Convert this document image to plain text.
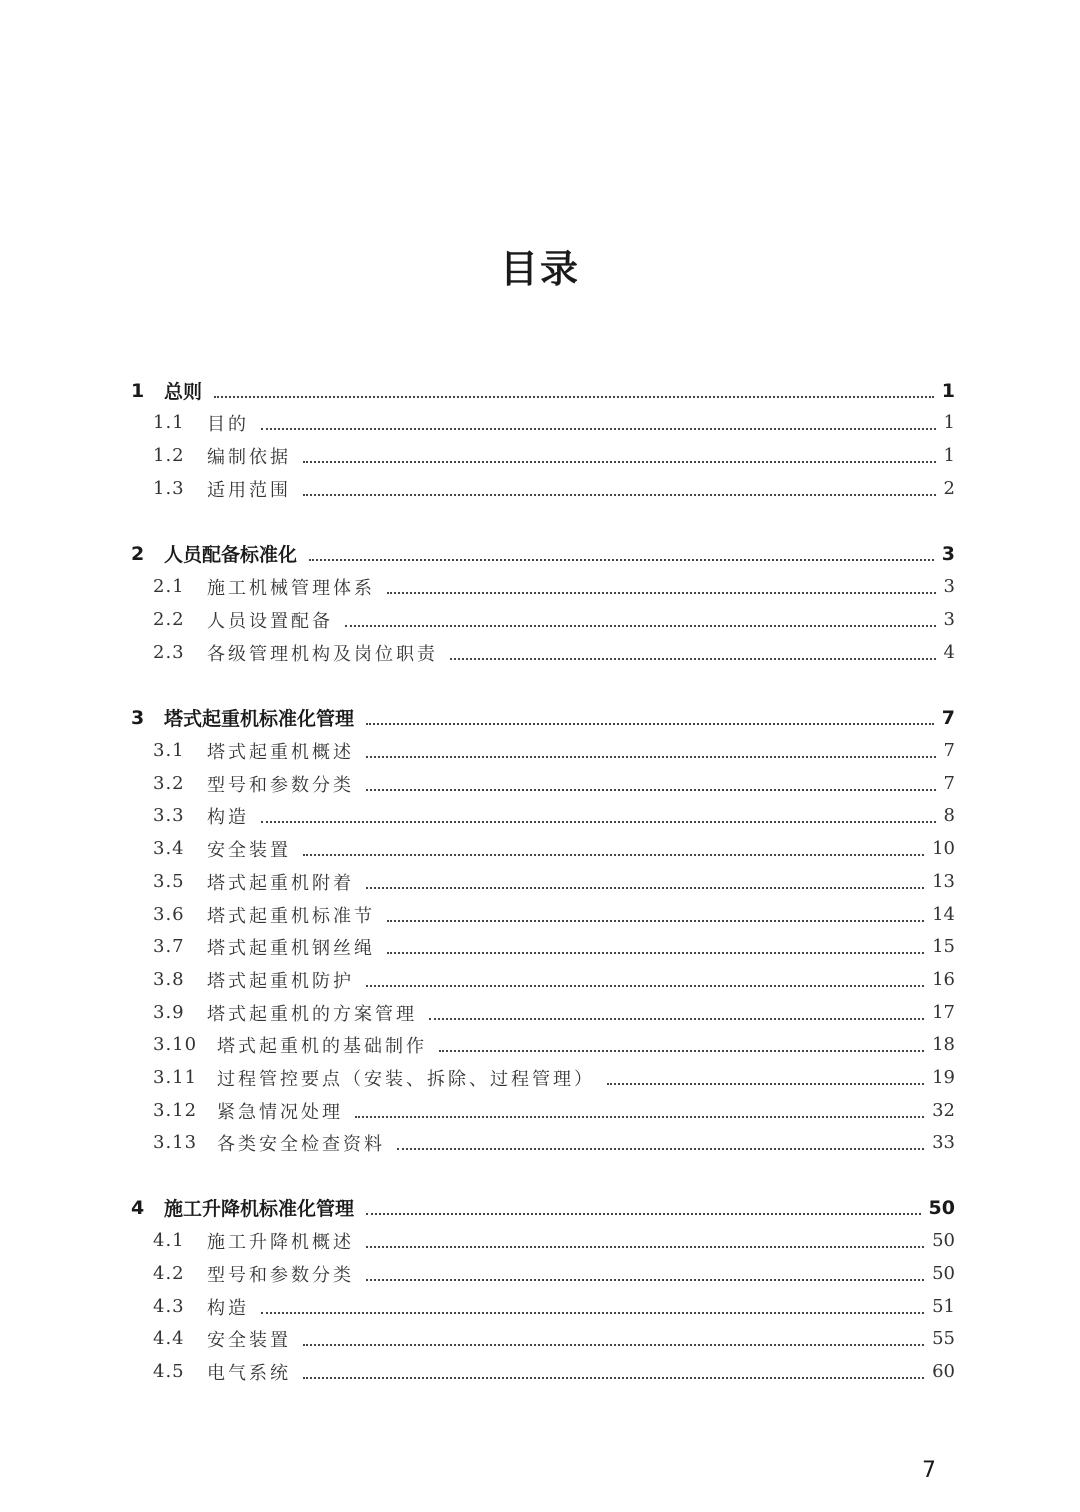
目录
1 总则	1
1.1 目的	1
1.2 编制依据	1
1.3 适用范围	2
2 人员配备标准化	3
2.1 施工机械管理体系	3
2.2 人员设置配备	3
2.3 各级管理机构及岗位职责	4
3 塔式起重机标准化管理	7
3.1 塔式起重机概述	7
3.2 型号和参数分类	7
3.3 构造	8
3.4 安全装置	10
3.5 塔式起重机附着	13
3.6 塔式起重机标准节	14
3.7 塔式起重机钢丝绳	15
3.8 塔式起重机防护	16
3.9 塔式起重机的方案管理	17
3.10 塔式起重机的基础制作	18
3.11 过程管控要点（安装、拆除、过程管理）	19
3.12 紧急情况处理	32
3.13 各类安全检查资料	33
4 施工升降机标准化管理	50
4.1 施工升降机概述	50
4.2 型号和参数分类	50
4.3 构造	51
4.4 安全装置	55
4.5 电气系统	60
7
